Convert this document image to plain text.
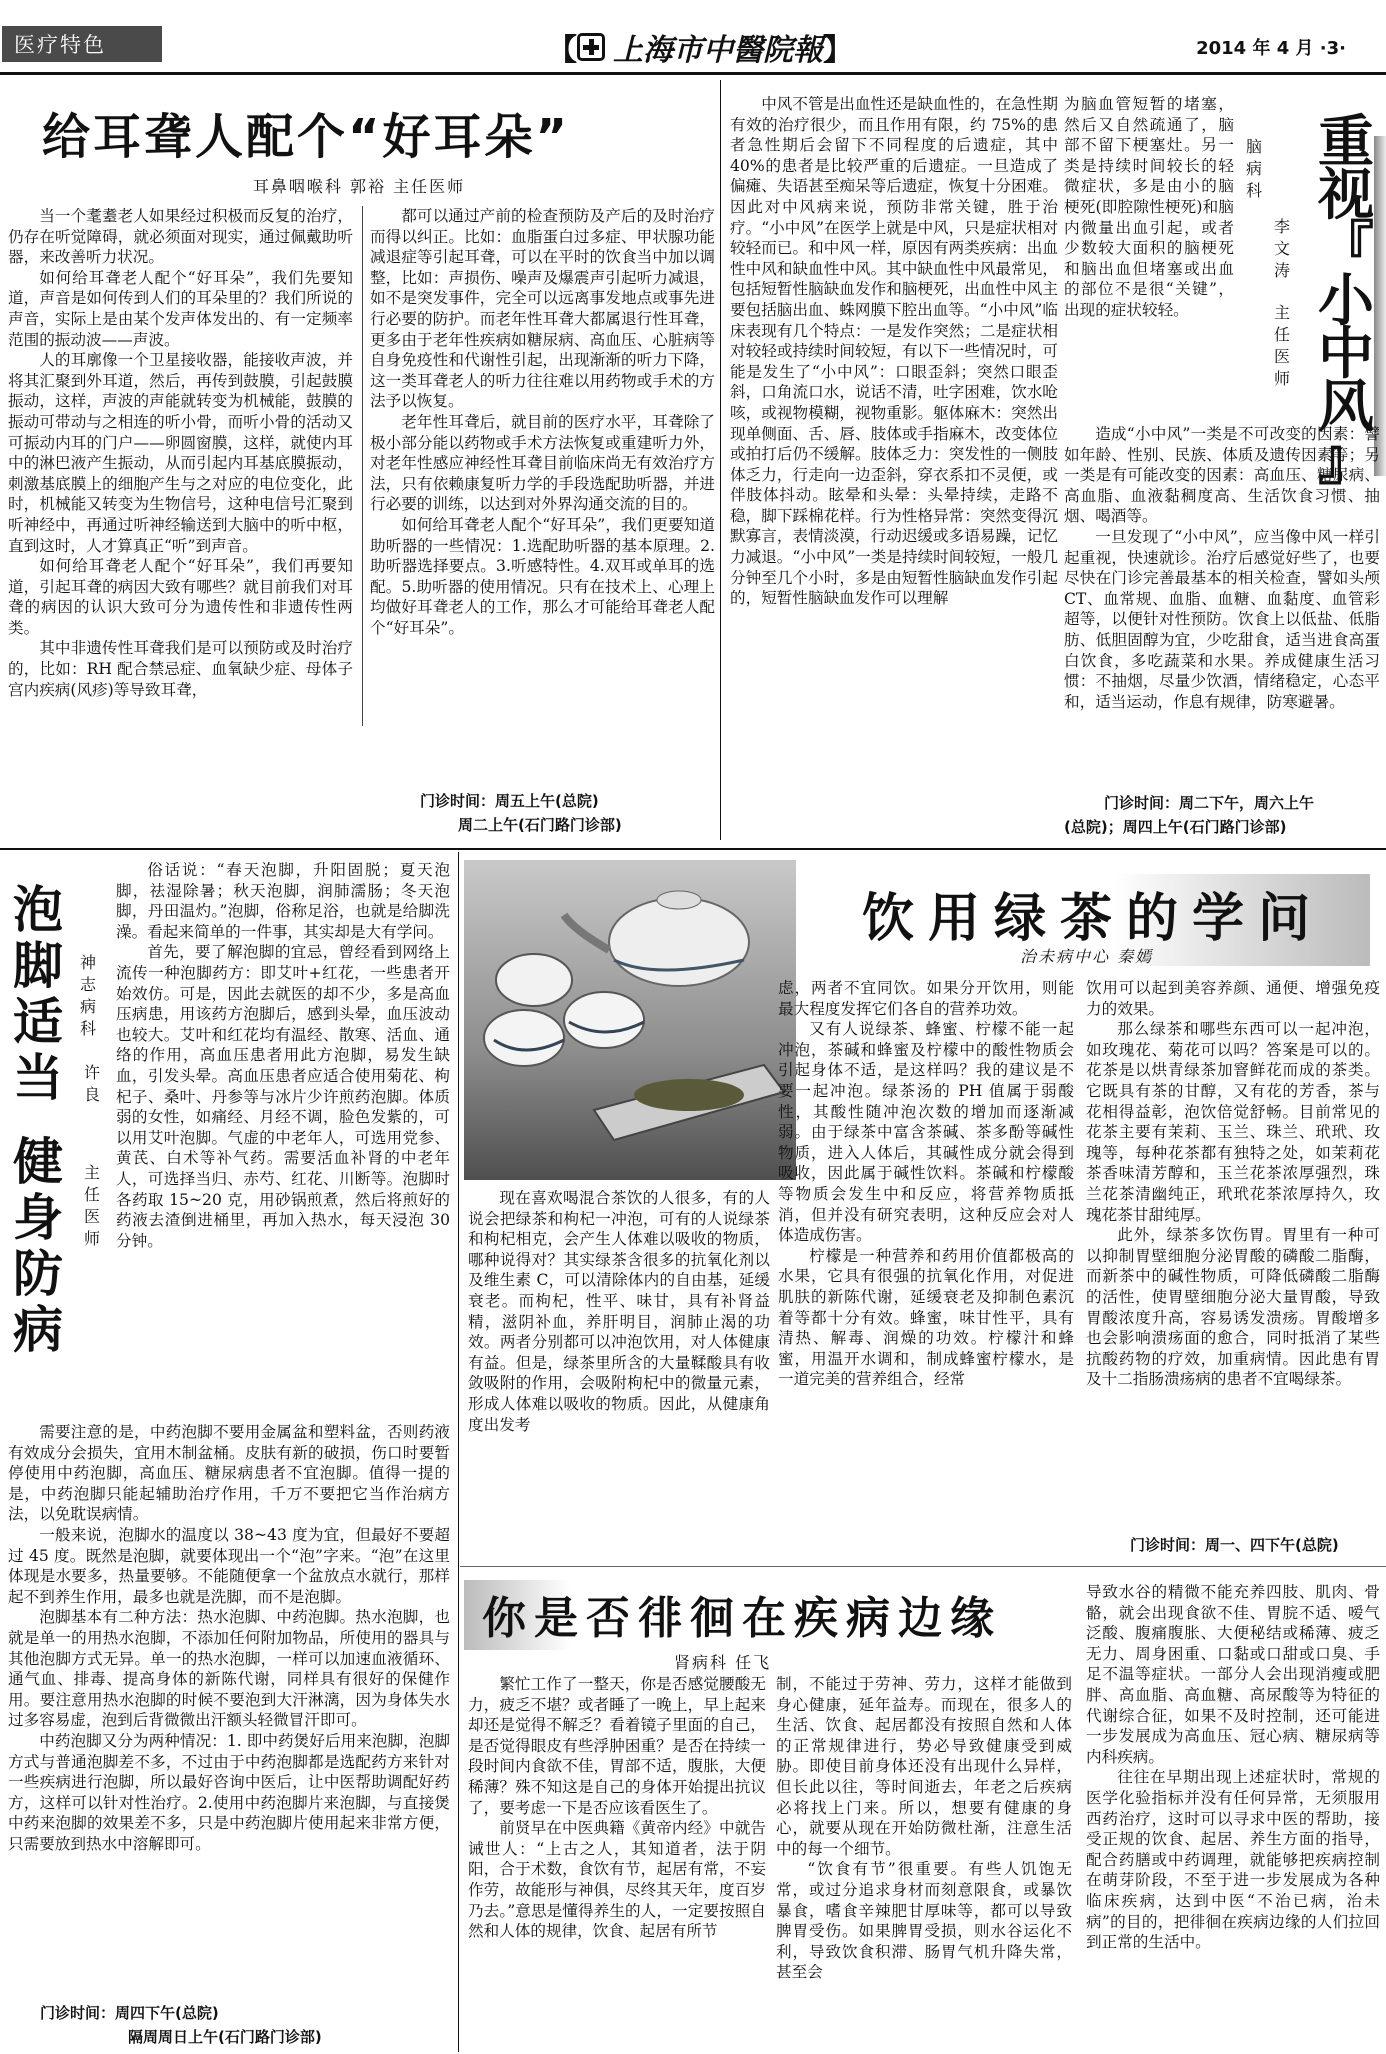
医疗特色	【 上海市中醫院報 】	2014 年 4 月 ·3·
给耳聋人配个“好耳朵”
耳鼻咽喉科 郭裕 主任医师

当一个耄耋老人如果经过积极而反复的治疗，仍存在听觉障碍，就必须面对现实，通过佩戴助听器，来改善听力状况。

如何给耳聋老人配个“好耳朵”，我们先要知道，声音是如何传到人们的耳朵里的？我们所说的声音，实际上是由某个发声体发出的、有一定频率范围的振动波——声波。

人的耳廓像一个卫星接收器，能接收声波，并将其汇聚到外耳道，然后，再传到鼓膜，引起鼓膜振动，这样，声波的声能就转变为机械能，鼓膜的振动可带动与之相连的听小骨，而听小骨的活动又可振动内耳的门户——卵圆窗膜，这样，就使内耳中的淋巴液产生振动，从而引起内耳基底膜振动，刺激基底膜上的细胞产生与之对应的电位变化，此时，机械能又转变为生物信号，这种电信号汇聚到听神经中，再通过听神经输送到大脑中的听中枢，直到这时，人才算真正“听”到声音。

如何给耳聋老人配个“好耳朵”，我们再要知道，引起耳聋的病因大致有哪些？就目前我们对耳聋的病因的认识大致可分为遗传性和非遗传性两类。

其中非遗传性耳聋我们是可以预防或及时治疗的，比如：RH 配合禁忌症、血氧缺少症、母体子宫内疾病(风疹)等导致耳聋，

都可以通过产前的检查预防及产后的及时治疗而得以纠正。比如：血脂蛋白过多症、甲状腺功能减退症等引起耳聋，可以在平时的饮食当中加以调整，比如：声损伤、噪声及爆震声引起听力减退，如不是突发事件，完全可以远离事发地点或事先进行必要的防护。而老年性耳聋大都属退行性耳聋，更多由于老年性疾病如糖尿病、高血压、心脏病等自身免疫性和代谢性引起，出现渐渐的听力下降，这一类耳聋老人的听力往往难以用药物或手术的方法予以恢复。

老年性耳聋后，就目前的医疗水平，耳聋除了极小部分能以药物或手术方法恢复或重建听力外，对老年性感应神经性耳聋目前临床尚无有效治疗方法，只有依赖康复听力学的手段选配助听器，并进行必要的训练，以达到对外界沟通交流的目的。

如何给耳聋老人配个“好耳朵”，我们更要知道助听器的一些情况：1.选配助听器的基本原理。2.助听器选择要点。3.听感特性。4.双耳或单耳的选配。5.助听器的使用情况。只有在技术上、心理上均做好耳聋老人的工作，那么才可能给耳聋老人配个“好耳朵”。

门诊时间：周五上午(总院)
周二上午(石门路门诊部)

中风不管是出血性还是缺血性的，在急性期有效的治疗很少，而且作用有限，约 75%的患者急性期后会留下不同程度的后遗症，其中 40%的患者是比较严重的后遗症。一旦造成了偏瘫、失语甚至痴呆等后遗症，恢复十分困难。因此对中风病来说，预防非常关键，胜于治疗。“小中风”在医学上就是中风，只是症状相对较轻而已。和中风一样，原因有两类疾病：出血性中风和缺血性中风。其中缺血性中风最常见，包括短暂性脑缺血发作和脑梗死，出血性中风主要包括脑出血、蛛网膜下腔出血等。“小中风”临床表现有几个特点：一是发作突然；二是症状相对较轻或持续时间较短，有以下一些情况时，可能是发生了“小中风”：口眼歪斜；突然口眼歪斜，口角流口水，说话不清，吐字困难，饮水呛咳，或视物模糊，视物重影。躯体麻木：突然出现单侧面、舌、唇、肢体或手指麻木，改变体位或拍打后仍不缓解。肢体乏力：突发性的一侧肢体乏力，行走向一边歪斜，穿衣系扣不灵便，或伴肢体抖动。眩晕和头晕：头晕持续，走路不稳，脚下踩棉花样。行为性格异常：突然变得沉默寡言，表情淡漠，行动迟缓或多语易躁，记忆力减退。“小中风”一类是持续时间较短，一般几分钟至几个小时，多是由短暂性脑缺血发作引起的，短暂性脑缺血发作可以理解

为脑血管短暂的堵塞，然后又自然疏通了，脑部不留下梗塞灶。另一类是持续时间较长的轻微症状，多是由小的脑梗死(即腔隙性梗死)和脑内微量出血引起，或者少数较大面积的脑梗死和脑出血但堵塞或出血的部位不是很“关键”，出现的症状较轻。

重
视
『
小
中
风
』
脑
病
科
李
文
涛
主
任
医
师

造成“小中风”一类是不可改变的因素：譬如年龄、性别、民族、体质及遗传因素等；另一类是有可能改变的因素：高血压、糖尿病、高血脂、血液黏稠度高、生活饮食习惯、抽烟、喝酒等。

一旦发现了“小中风”，应当像中风一样引起重视，快速就诊。治疗后感觉好些了，也要尽快在门诊完善最基本的相关检查，譬如头颅 CT、血常规、血脂、血糖、血黏度、血管彩超等，以便针对性预防。饮食上以低盐、低脂肪、低胆固醇为宜，少吃甜食，适当进食高蛋白饮食，多吃蔬菜和水果。养成健康生活习惯：不抽烟，尽量少饮酒，情绪稳定，心态平和，适当运动，作息有规律，防寒避暑。

门诊时间：周二下午，周六上午
(总院)；周四上午(石门路门诊部)
泡
脚
适
当
健
身
防
病
神
志
病
科
许
良
主
任
医
师

俗话说：“春天泡脚，升阳固脱；夏天泡脚，祛湿除暑；秋天泡脚，润肺濡肠；冬天泡脚，丹田温灼。”泡脚，俗称足浴，也就是给脚洗澡。看起来简单的一件事，其实却是大有学问。

首先，要了解泡脚的宜忌，曾经看到网络上流传一种泡脚药方：即艾叶+红花，一些患者开始效仿。可是，因此去就医的却不少，多是高血压病患，用该药方泡脚后，感到头晕，血压波动也较大。艾叶和红花均有温经、散寒、活血、通络的作用，高血压患者用此方泡脚，易发生缺血，引发头晕。高血压患者应适合使用菊花、枸杞子、桑叶、丹参等与冰片少许煎药泡脚。体质弱的女性，如痛经、月经不调，脸色发紫的，可以用艾叶泡脚。气虚的中老年人，可选用党参、黄芪、白术等补气药。需要活血补肾的中老年人，可选择当归、赤芍、红花、川断等。泡脚时各药取 15~20 克，用砂锅煎煮，然后将煎好的药液去渣倒进桶里，再加入热水，每天浸泡 30 分钟。

需要注意的是，中药泡脚不要用金属盆和塑料盆，否则药液有效成分会损失，宜用木制盆桶。皮肤有新的破损，伤口时要暂停使用中药泡脚，高血压、糖尿病患者不宜泡脚。值得一提的是，中药泡脚只能起辅助治疗作用，千万不要把它当作治病方法，以免耽误病情。

一般来说，泡脚水的温度以 38~43 度为宜，但最好不要超过 45 度。既然是泡脚，就要体现出一个“泡”字来。“泡”在这里体现是水要多，热量要够。不能随便拿一个盆放点水就行，那样起不到养生作用，最多也就是洗脚，而不是泡脚。

泡脚基本有二种方法：热水泡脚、中药泡脚。热水泡脚，也就是单一的用热水泡脚，不添加任何附加物品，所使用的器具与其他泡脚方式无异。单一的热水泡脚，一样可以加速血液循环、通气血、排毒、提高身体的新陈代谢，同样具有很好的保健作用。要注意用热水泡脚的时候不要泡到大汗淋漓，因为身体失水过多容易虚，泡到后背微微出汗额头轻微冒汗即可。

中药泡脚又分为两种情况：1. 即中药煲好后用来泡脚，泡脚方式与普通泡脚差不多，不过由于中药泡脚都是选配药方来针对一些疾病进行泡脚，所以最好咨询中医后，让中医帮助调配好药方，这样可以针对性治疗。2.使用中药泡脚片来泡脚，与直接煲中药来泡脚的效果差不多，只是中药泡脚片使用起来非常方便，只需要放到热水中溶解即可。

门诊时间：周四下午(总院)
隔周周日上午(石门路门诊部)
饮用绿茶的学问
治未病中心 秦嫣

现在喜欢喝混合茶饮的人很多，有的人说会把绿茶和枸杞一冲泡，可有的人说绿茶和枸杞相克，会产生人体难以吸收的物质，哪种说得对？其实绿茶含很多的抗氧化剂以及维生素 C，可以清除体内的自由基，延缓衰老。而枸杞，性平、味甘，具有补肾益精，滋阴补血，养肝明目，润肺止渴的功效。两者分别都可以冲泡饮用，对人体健康有益。但是，绿茶里所含的大量鞣酸具有收敛吸附的作用，会吸附枸杞中的微量元素，形成人体难以吸收的物质。因此，从健康角度出发考

虑，两者不宜同饮。如果分开饮用，则能最大程度发挥它们各自的营养功效。

又有人说绿茶、蜂蜜、柠檬不能一起冲泡，茶碱和蜂蜜及柠檬中的酸性物质会引起身体不适，是这样吗？我的建议是不要一起冲泡。绿茶汤的 PH 值属于弱酸性，其酸性随冲泡次数的增加而逐渐减弱。由于绿茶中富含茶碱、茶多酚等碱性物质，进入人体后，其碱性成分就会得到吸收，因此属于碱性饮料。茶碱和柠檬酸等物质会发生中和反应，将营养物质抵消，但并没有研究表明，这种反应会对人体造成伤害。

柠檬是一种营养和药用价值都极高的水果，它具有很强的抗氧化作用，对促进肌肤的新陈代谢，延缓衰老及抑制色素沉着等都十分有效。蜂蜜，味甘性平，具有清热、解毒、润燥的功效。柠檬汁和蜂蜜，用温开水调和，制成蜂蜜柠檬水，是一道完美的营养组合，经常

饮用可以起到美容养颜、通便、增强免疫力的效果。

那么绿茶和哪些东西可以一起冲泡，如玫瑰花、菊花可以吗？答案是可以的。花茶是以烘青绿茶加窨鲜花而成的茶类。它既具有茶的甘醇，又有花的芳香，茶与花相得益彰，泡饮倍觉舒畅。目前常见的花茶主要有茉莉、玉兰、珠兰、玳玳、玫瑰等，每种花茶都有独特之处，如茉莉花茶香味清芳醇和，玉兰花茶浓厚强烈，珠兰花茶清幽纯正，玳玳花茶浓厚持久，玫瑰花茶甘甜纯厚。

此外，绿茶多饮伤胃。胃里有一种可以抑制胃壁细胞分泌胃酸的磷酸二脂酶，而新茶中的碱性物质，可降低磷酸二脂酶的活性，使胃壁细胞分泌大量胃酸，导致胃酸浓度升高，容易诱发溃疡。胃酸增多也会影响溃疡面的愈合，同时抵消了某些抗酸药物的疗效，加重病情。因此患有胃及十二指肠溃疡病的患者不宜喝绿茶。

门诊时间：周一、四下午(总院)
你是否徘徊在疾病边缘
肾病科 任飞

繁忙工作了一整天，你是否感觉腰酸无力，疲乏不堪？或者睡了一晚上，早上起来却还是觉得不解乏？看着镜子里面的自己，是否觉得眼皮有些浮肿困重？是否在持续一段时间内食欲不佳，胃部不适，腹胀，大便稀薄？殊不知这是自己的身体开始提出抗议了，要考虑一下是否应该看医生了。

前贤早在中医典籍《黄帝内经》中就告诫世人：“上古之人，其知道者，法于阴阳，合于术数，食饮有节，起居有常，不妄作劳，故能形与神俱，尽终其天年，度百岁乃去。”意思是懂得养生的人，一定要按照自然和人体的规律，饮食、起居有所节

制，不能过于劳神、劳力，这样才能做到身心健康，延年益寿。而现在，很多人的生活、饮食、起居都没有按照自然和人体的正常规律进行，势必导致健康受到威胁。即使目前身体还没有出现什么异样，但长此以往，等时间逝去，年老之后疾病必将找上门来。所以，想要有健康的身心，就要从现在开始防微杜渐，注意生活中的每一个细节。

“饮食有节”很重要。有些人饥饱无常，或过分追求身材而刻意限食，或暴饮暴食，嗜食辛辣肥甘厚味等，都可以导致脾胃受伤。如果脾胃受损，则水谷运化不利，导致饮食积滞、肠胃气机升降失常，甚至会

导致水谷的精微不能充养四肢、肌肉、骨骼，就会出现食欲不佳、胃脘不适、嗳气泛酸、腹痛腹胀、大便秘结或稀薄、疲乏无力、周身困重、口黏或口甜或口臭、手足不温等症状。一部分人会出现消瘦或肥胖、高血脂、高血糖、高尿酸等为特征的代谢综合征，如果不及时控制，还可能进一步发展成为高血压、冠心病、糖尿病等内科疾病。

往往在早期出现上述症状时，常规的医学化验指标并没有任何异常，无须服用西药治疗，这时可以寻求中医的帮助，接受正规的饮食、起居、养生方面的指导，配合药膳或中药调理，就能够把疾病控制在萌芽阶段，不至于进一步发展成为各种临床疾病，达到中医“不治已病，治未病”的目的，把徘徊在疾病边缘的人们拉回到正常的生活中。
